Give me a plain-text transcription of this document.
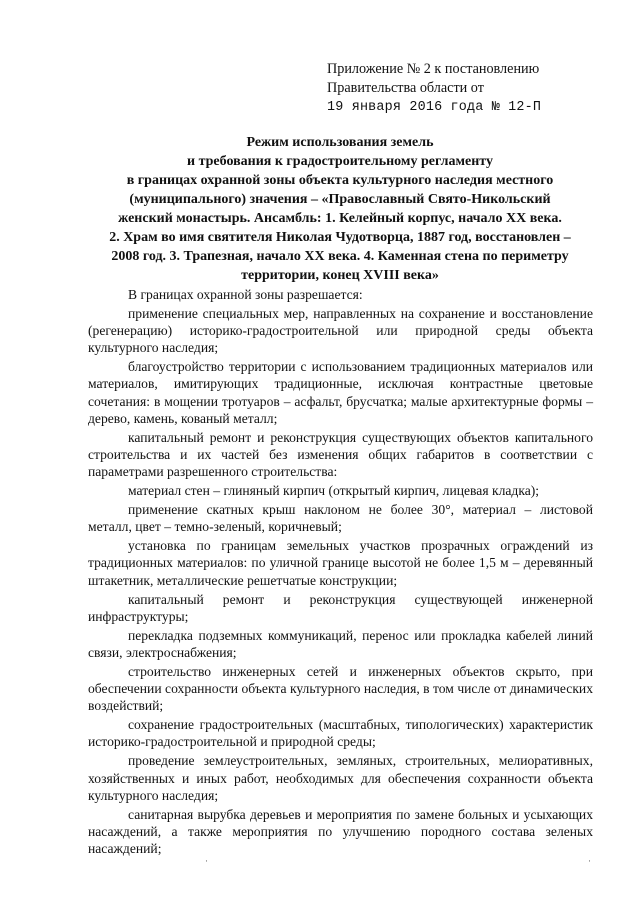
Приложение № 2 к постановлению
Правительства области от
19 января 2016 года № 12-П
Режим использования земель
и требования к градостроительному регламенту
в границах охранной зоны объекта культурного наследия местного
(муниципального) значения – «Православный Свято-Никольский
женский монастырь. Ансамбль: 1. Келейный корпус, начало XX века.
2. Храм во имя святителя Николая Чудотворца, 1887 год, восстановлен –
2008 год. 3. Трапезная, начало XX века. 4. Каменная стена по периметру
территории, конец XVIII века»

В границах охранной зоны разрешается:

применение специальных мер, направленных на сохранение и восстановление (регенерацию) историко-градостроительной или природной среды объекта культурного наследия;

благоустройство территории с использованием традиционных материалов или материалов, имитирующих традиционные, исключая контрастные цветовые сочетания: в мощении тротуаров – асфальт, брусчатка; малые архитектурные формы – дерево, камень, кованый металл;

капитальный ремонт и реконструкция существующих объектов капитального строительства и их частей без изменения общих габаритов в соответствии с параметрами разрешенного строительства:

материал стен – глиняный кирпич (открытый кирпич, лицевая кладка);

применение скатных крыш наклоном не более 30°, материал – листовой металл, цвет – темно-зеленый, коричневый;

установка по границам земельных участков прозрачных ограждений из традиционных материалов: по уличной границе высотой не более 1,5 м – деревянный штакетник, металлические решетчатые конструкции;

капитальный ремонт и реконструкция существующей инженерной инфраструктуры;

перекладка подземных коммуникаций, перенос или прокладка кабелей линий связи, электроснабжения;

строительство инженерных сетей и инженерных объектов скрыто, при обеспечении сохранности объекта культурного наследия, в том числе от динамических воздействий;

сохранение градостроительных (масштабных, типологических) характеристик историко-градостроительной и природной среды;

проведение землеустроительных, земляных, строительных, мелиоративных, хозяйственных и иных работ, необходимых для обеспечения сохранности объекта культурного наследия;

санитарная вырубка деревьев и мероприятия по замене больных и усыхающих насаждений, а также мероприятия по улучшению породного состава зеленых насаждений;

·	·
